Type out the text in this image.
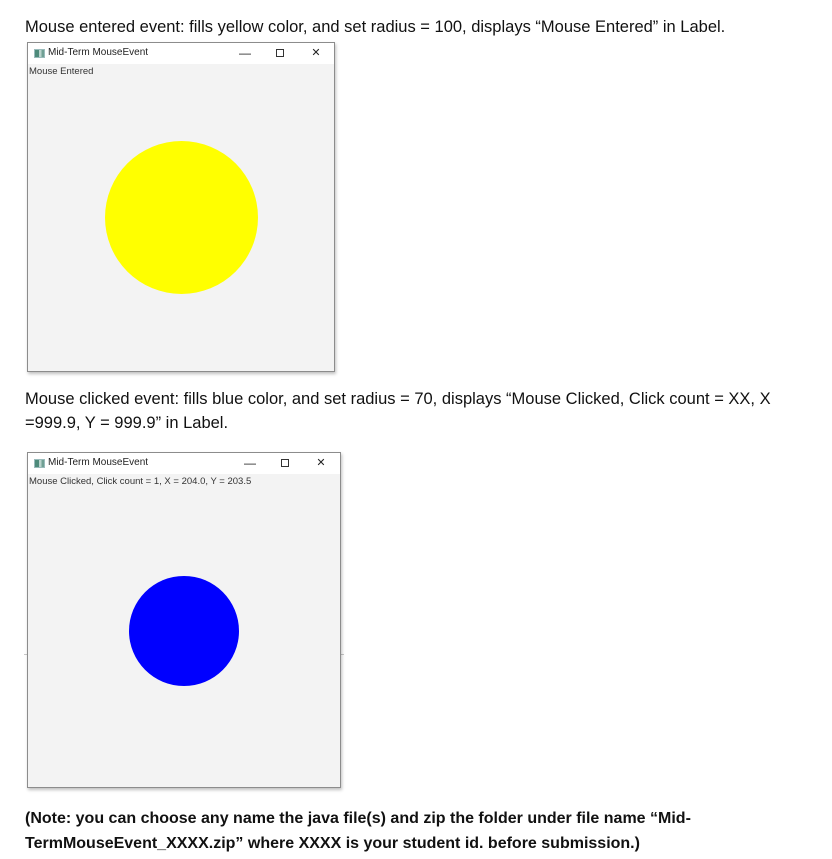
Mouse entered event: fills yellow color, and set radius = 100, displays “Mouse Entered” in Label.

Mid-Term MouseEvent	—	✕
Mouse Entered

Mouse clicked event: fills blue color, and set radius = 70, displays “Mouse Clicked, Click count = XX, X =999.9, Y = 999.9” in Label.

Mid-Term MouseEvent	—	✕
Mouse Clicked, Click count = 1, X = 204.0, Y = 203.5

(Note: you can choose any name the java file(s) and zip the folder under file name “Mid-TermMouseEvent_XXXX.zip” where XXXX is your student id. before submission.)
